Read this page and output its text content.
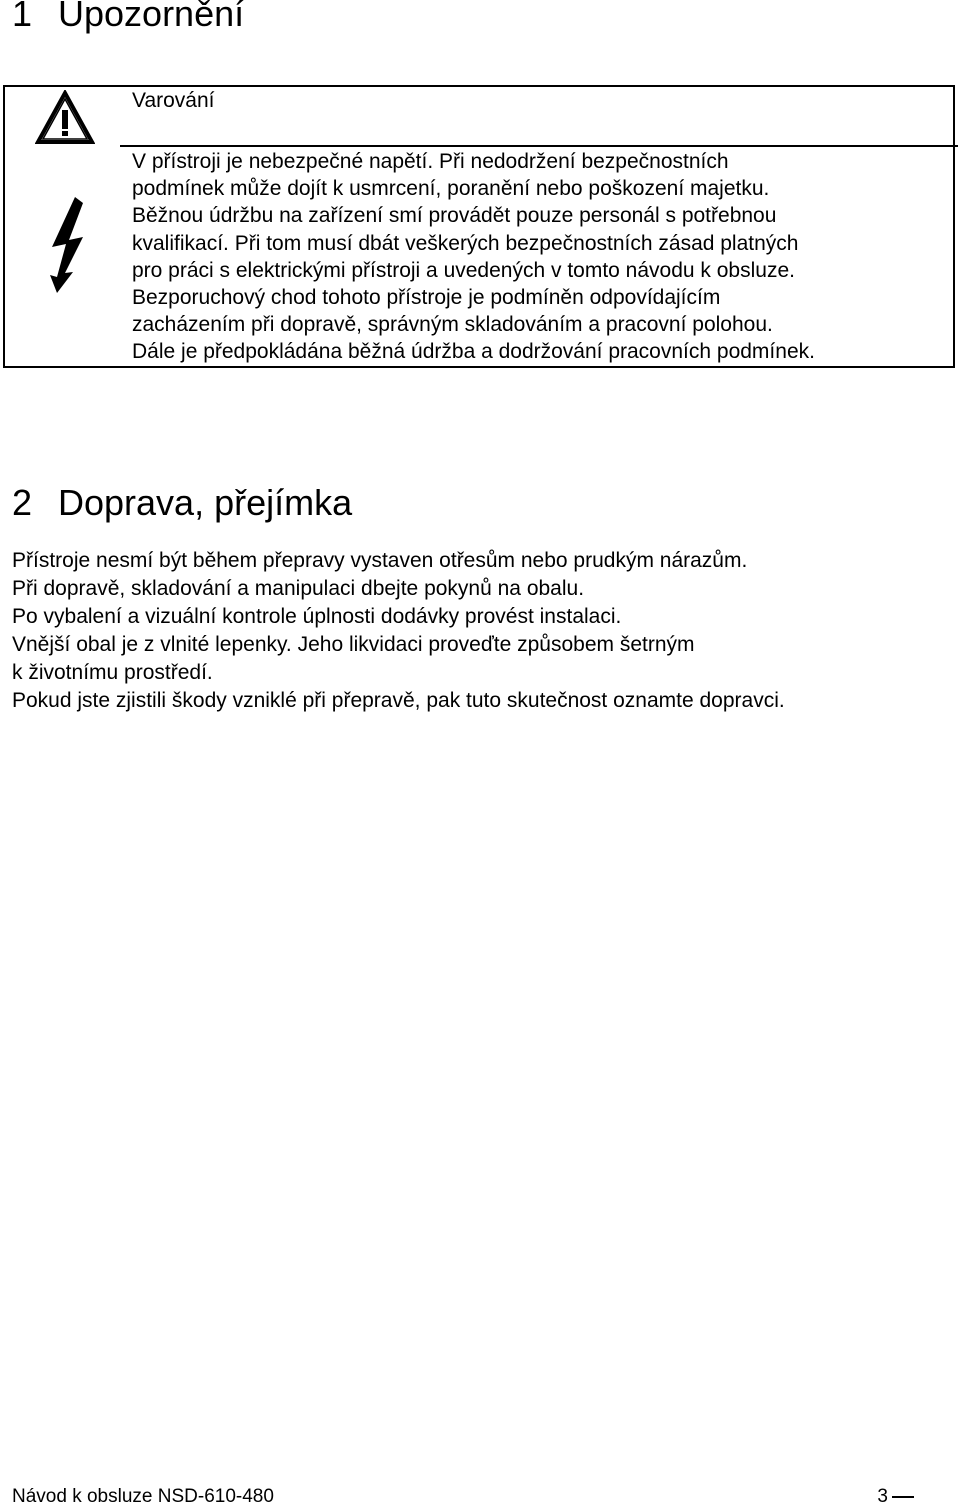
1 Upozornění
Varování

V přístroji je nebezpečné napětí. Při nedodržení bezpečnostních
podmínek může dojít k usmrcení, poranění nebo poškození majetku.
Běžnou údržbu na zařízení smí provádět pouze personál s potřebnou
kvalifikací. Při tom musí dbát veškerých bezpečnostních zásad platných
pro práci s elektrickými přístroji a uvedených v tomto návodu k obsluze.
Bezporuchový chod tohoto přístroje je podmíněn odpovídajícím
zacházením při dopravě, správným skladováním a pracovní polohou.
Dále je předpokládána běžná údržba a dodržování pracovních podmínek.

2 Doprava, přejímka

Přístroje nesmí být během přepravy vystaven otřesům nebo prudkým nárazům.
Při dopravě, skladování a manipulaci dbejte pokynů na obalu.
Po vybalení a vizuální kontrole úplnosti dodávky provést instalaci.
Vnější obal je z vlnité lepenky. Jeho likvidaci proveďte způsobem šetrným
k životnímu prostředí.
Pokud jste zjistili škody vzniklé při přepravě, pak tuto skutečnost oznamte dopravci.

Návod k obsluze NSD-610-480	3
